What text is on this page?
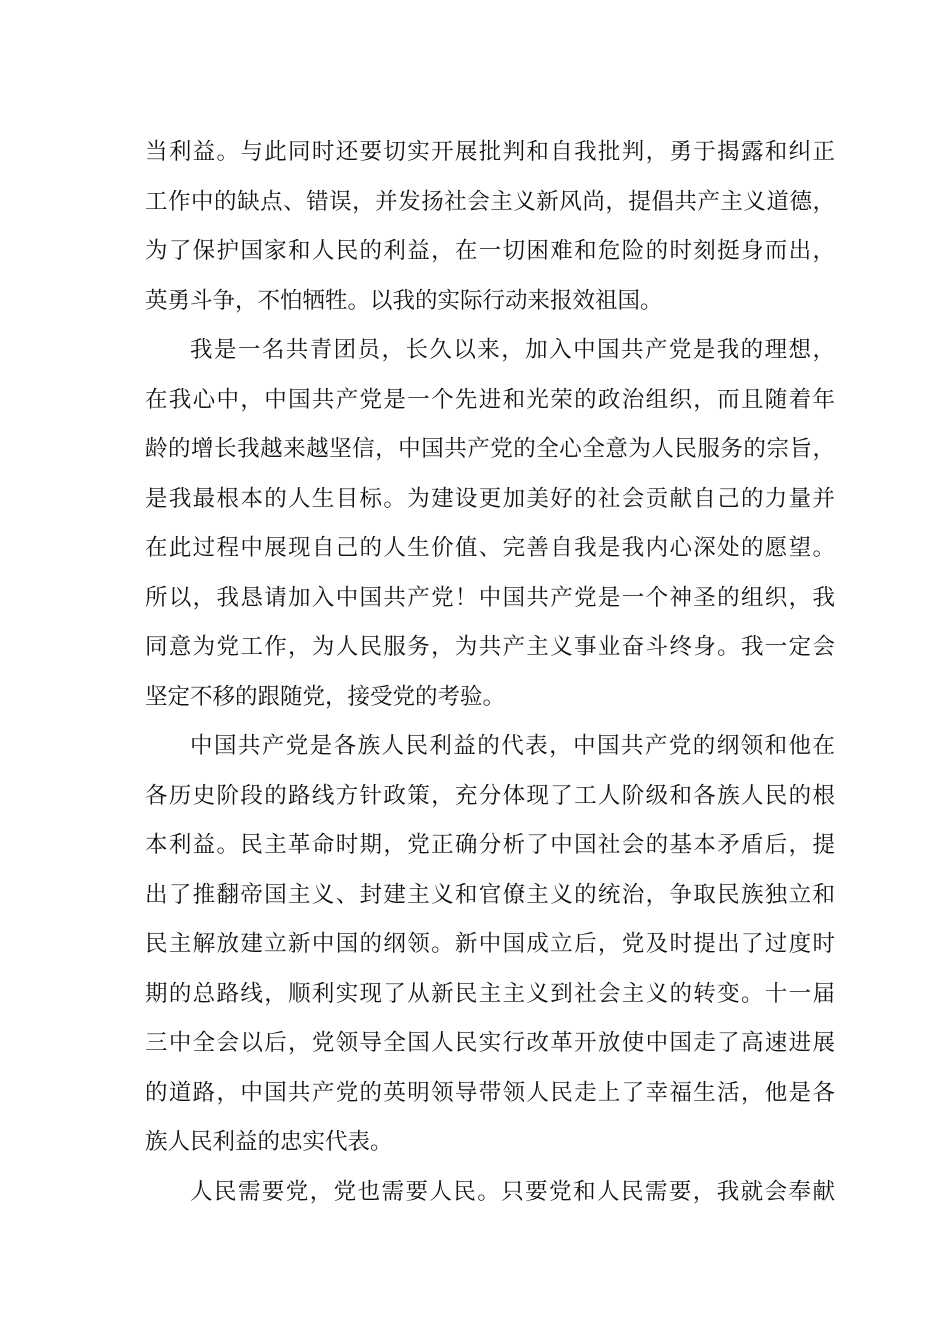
当利益。与此同时还要切实开展批判和自我批判，勇于揭露和纠正
工作中的缺点、错误，并发扬社会主义新风尚，提倡共产主义道德，
为了保护国家和人民的利益，在一切困难和危险的时刻挺身而出，
英勇斗争，不怕牺牲。以我的实际行动来报效祖国。
我是一名共青团员，长久以来，加入中国共产党是我的理想，
在我心中，中国共产党是一个先进和光荣的政治组织，而且随着年
龄的增长我越来越坚信，中国共产党的全心全意为人民服务的宗旨，
是我最根本的人生目标。为建设更加美好的社会贡献自己的力量并
在此过程中展现自己的人生价值、完善自我是我内心深处的愿望。
所以，我恳请加入中国共产党！中国共产党是一个神圣的组织，我
同意为党工作，为人民服务，为共产主义事业奋斗终身。我一定会
坚定不移的跟随党，接受党的考验。
中国共产党是各族人民利益的代表，中国共产党的纲领和他在
各历史阶段的路线方针政策，充分体现了工人阶级和各族人民的根
本利益。民主革命时期，党正确分析了中国社会的基本矛盾后，提
出了推翻帝国主义、封建主义和官僚主义的统治，争取民族独立和
民主解放建立新中国的纲领。新中国成立后，党及时提出了过度时
期的总路线，顺利实现了从新民主主义到社会主义的转变。十一届
三中全会以后，党领导全国人民实行改革开放使中国走了高速进展
的道路，中国共产党的英明领导带领人民走上了幸福生活，他是各
族人民利益的忠实代表。
人民需要党，党也需要人民。只要党和人民需要，我就会奉献
